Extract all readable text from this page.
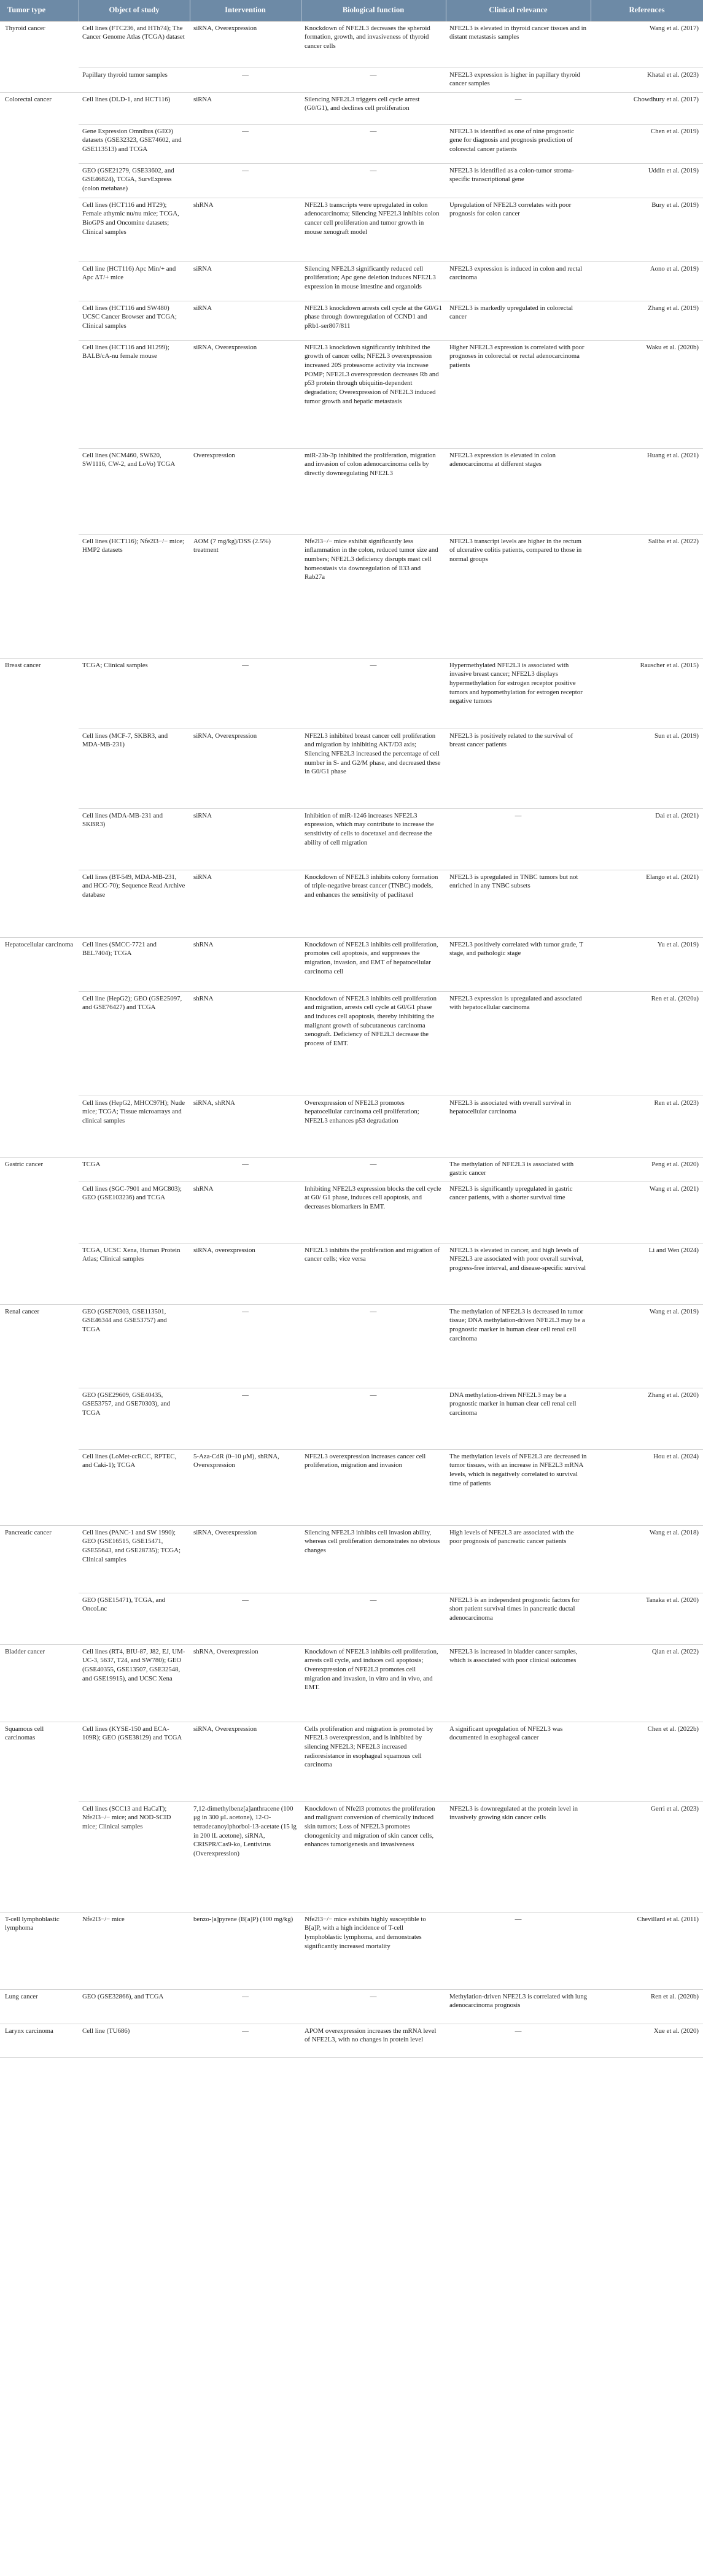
Tumor type	Object of study	Intervention	Biological function	Clinical relevance	References
Thyroid cancer	Cell lines (FTC236, and HTh74); The Cancer Genome Atlas (TCGA) dataset	siRNA, Overexpression	Knockdown of NFE2L3 decreases the spheroid formation, growth, and invasiveness of thyroid cancer cells	NFE2L3 is elevated in thyroid cancer tissues and in distant metastasis samples	Wang et al. (2017)
	Papillary thyroid tumor samples	—	—	NFE2L3 expression is higher in papillary thyroid cancer samples	Khatal et al. (2023)
Colorectal cancer	Cell lines (DLD-1, and HCT116)	siRNA	Silencing NFE2L3 triggers cell cycle arrest (G0/G1), and declines cell proliferation	—	Chowdhury et al. (2017)
	Gene Expression Omnibus (GEO) datasets (GSE32323, GSE74602, and GSE113513) and TCGA	—	—	NFE2L3 is identified as one of nine prognostic gene for diagnosis and prognosis prediction of colorectal cancer patients	Chen et al. (2019)
	GEO (GSE21279, GSE33602, and GSE46824), TCGA, SurvExpress (colon metabase)	—	—	NFE2L3 is identified as a colon-tumor stroma-specific transcriptional gene	Uddin et al. (2019)
	Cell lines (HCT116 and HT29); Female athymic nu/nu mice; TCGA, BioGPS and Oncomine datasets; Clinical samples	shRNA	NFE2L3 transcripts were upregulated in colon adenocarcinoma; Silencing NFE2L3 inhibits colon cancer cell proliferation and tumor growth in mouse xenograft model	Upregulation of NFE2L3 correlates with poor prognosis for colon cancer	Bury et al. (2019)
	Cell line (HCT116) Apc Min/+ and Apc ΔT/+ mice	siRNA	Silencing NFE2L3 significantly reduced cell proliferation; Apc gene deletion induces NFE2L3 expression in mouse intestine and organoids	NFE2L3 expression is induced in colon and rectal carcinoma	Aono et al. (2019)
	Cell lines (HCT116 and SW480) UCSC Cancer Browser and TCGA; Clinical samples	siRNA	NFE2L3 knockdown arrests cell cycle at the G0/G1 phase through downregulation of CCND1 and pRb1-ser807/811	NFE2L3 is markedly upregulated in colorectal cancer	Zhang et al. (2019)
	Cell lines (HCT116 and H1299); BALB/cA-nu female mouse	siRNA, Overexpression	NFE2L3 knockdown significantly inhibited the growth of cancer cells; NFE2L3 overexpression increased 20S proteasome activity via increase POMP; NFE2L3 overexpression decreases Rb and p53 protein through ubiquitin-dependent degradation; Overexpression of NFE2L3 induced tumor growth and hepatic metastasis	Higher NFE2L3 expression is correlated with poor prognoses in colorectal or rectal adenocarcinoma patients	Waku et al. (2020b)
	Cell lines (NCM460, SW620, SW1116, CW-2, and LoVo) TCGA	Overexpression	miR-23b-3p inhibited the proliferation, migration and invasion of colon adenocarcinoma cells by directly downregulating NFE2L3	NFE2L3 expression is elevated in colon adenocarcinoma at different stages	Huang et al. (2021)
	Cell lines (HCT116); Nfe2l3−/− mice; HMP2 datasets	AOM (7 mg/kg)/DSS (2.5%) treatment	Nfe2l3−/− mice exhibit significantly less inflammation in the colon, reduced tumor size and numbers; NFE2L3 deficiency disrupts mast cell homeostasis via downregulation of Il33 and Rab27a	NFE2L3 transcript levels are higher in the rectum of ulcerative colitis patients, compared to those in normal groups	Saliba et al. (2022)
Breast cancer	TCGA; Clinical samples	—	—	Hypermethylated NFE2L3 is associated with invasive breast cancer; NFE2L3 displays hypermethylation for estrogen receptor positive tumors and hypomethylation for estrogen receptor negative tumors	Rauscher et al. (2015)
	Cell lines (MCF-7, SKBR3, and MDA-MB-231)	siRNA, Overexpression	NFE2L3 inhibited breast cancer cell proliferation and migration by inhibiting AKT/D3 axis; Silencing NFE2L3 increased the percentage of cell number in S- and G2/M phase, and decreased these in G0/G1 phase	NFE2L3 is positively related to the survival of breast cancer patients	Sun et al. (2019)
	Cell lines (MDA-MB-231 and SKBR3)	siRNA	Inhibition of miR-1246 increases NFE2L3 expression, which may contribute to increase the sensitivity of cells to docetaxel and decrease the ability of cell migration	—	Dai et al. (2021)
	Cell lines (BT-549, MDA-MB-231, and HCC-70); Sequence Read Archive database	siRNA	Knockdown of NFE2L3 inhibits colony formation of triple-negative breast cancer (TNBC) models, and enhances the sensitivity of paclitaxel	NFE2L3 is upregulated in TNBC tumors but not enriched in any TNBC subsets	Elango et al. (2021)
Hepatocellular carcinoma	Cell lines (SMCC-7721 and BEL7404); TCGA	shRNA	Knockdown of NFE2L3 inhibits cell proliferation, promotes cell apoptosis, and suppresses the migration, invasion, and EMT of hepatocellular carcinoma cell	NFE2L3 positively correlated with tumor grade, T stage, and pathologic stage	Yu et al. (2019)
	Cell line (HepG2); GEO (GSE25097, and GSE76427) and TCGA	shRNA	Knockdown of NFE2L3 inhibits cell proliferation and migration, arrests cell cycle at G0/G1 phase and induces cell apoptosis, thereby inhibiting the malignant growth of subcutaneous carcinoma xenograft. Deficiency of NFE2L3 decrease the process of EMT.	NFE2L3 expression is upregulated and associated with hepatocellular carcinoma	Ren et al. (2020a)
	Cell lines (HepG2, MHCC97H); Nude mice; TCGA; Tissue microarrays and clinical samples	siRNA, shRNA	Overexpression of NFE2L3 promotes hepatocellular carcinoma cell proliferation; NFE2L3 enhances p53 degradation	NFE2L3 is associated with overall survival in hepatocellular carcinoma	Ren et al. (2023)
Gastric cancer	TCGA	—	—	The methylation of NFE2L3 is associated with gastric cancer	Peng et al. (2020)
	Cell lines (SGC-7901 and MGC803); GEO (GSE103236) and TCGA	shRNA	Inhibiting NFE2L3 expression blocks the cell cycle at G0/ G1 phase, induces cell apoptosis, and decreases biomarkers in EMT.	NFE2L3 is significantly upregulated in gastric cancer patients, with a shorter survival time	Wang et al. (2021)
	TCGA, UCSC Xena, Human Protein Atlas; Clinical samples	siRNA, overexpression	NFE2L3 inhibits the proliferation and migration of cancer cells; vice versa	NFE2L3 is elevated in cancer, and high levels of NFE2L3 are associated with poor overall survival, progress-free interval, and disease-specific survival	Li and Wen (2024)
Renal cancer	GEO (GSE70303, GSE113501, GSE46344 and GSE53757) and TCGA	—	—	The methylation of NFE2L3 is decreased in tumor tissue; DNA methylation-driven NFE2L3 may be a prognostic marker in human clear cell renal cell carcinoma	Wang et al. (2019)
	GEO (GSE29609, GSE40435, GSE53757, and GSE70303), and TCGA	—	—	DNA methylation-driven NFE2L3 may be a prognostic marker in human clear cell renal cell carcinoma	Zhang et al. (2020)
	Cell lines (LoMet-ccRCC, RPTEC, and Caki-1); TCGA	5-Aza-CdR (0–10 μM), shRNA, Overexpression	NFE2L3 overexpression increases cancer cell proliferation, migration and invasion	The methylation levels of NFE2L3 are decreased in tumor tissues, with an increase in NFE2L3 mRNA levels, which is negatively correlated to survival time of patients	Hou et al. (2024)
Pancreatic cancer	Cell lines (PANC-1 and SW 1990); GEO (GSE16515, GSE15471, GSE55643, and GSE28735); TCGA; Clinical samples	siRNA, Overexpression	Silencing NFE2L3 inhibits cell invasion ability, whereas cell proliferation demonstrates no obvious changes	High levels of NFE2L3 are associated with the poor prognosis of pancreatic cancer patients	Wang et al. (2018)
	GEO (GSE15471), TCGA, and OncoLnc	—	—	NFE2L3 is an independent prognostic factors for short patient survival times in pancreatic ductal adenocarcinoma	Tanaka et al. (2020)
Bladder cancer	Cell lines (RT4, BIU-87, J82, EJ, UM-UC-3, 5637, T24, and SW780); GEO (GSE40355, GSE13507, GSE32548, and GSE19915), and UCSC Xena	shRNA, Overexpression	Knockdown of NFE2L3 inhibits cell proliferation, arrests cell cycle, and induces cell apoptosis; Overexpression of NFE2L3 promotes cell migration and invasion, in vitro and in vivo, and EMT.	NFE2L3 is increased in bladder cancer samples, which is associated with poor clinical outcomes	Qian et al. (2022)
Squamous cell carcinomas	Cell lines (KYSE-150 and ECA-109R); GEO (GSE38129) and TCGA	siRNA, Overexpression	Cells proliferation and migration is promoted by NFE2L3 overexpression, and is inhibited by silencing NFE2L3; NFE2L3 increased radioresistance in esophageal squamous cell carcinoma	A significant upregulation of NFE2L3 was documented in esophageal cancer	Chen et al. (2022b)
	Cell lines (SCC13 and HaCaT); Nfe2l3−/− mice; and NOD-SCID mice; Clinical samples	7,12-dimethylbenz[a]anthracene (100 μg in 300 μL acetone), 12-O-tetradecanoylphorbol-13-acetate (15 lg in 200 lL acetone), siRNA, CRISPR/Cas9-ko, Lentivirus (Overexpression)	Knockdown of Nfe2l3 promotes the proliferation and malignant conversion of chemically induced skin tumors; Loss of NFE2L3 promotes clonogenicity and migration of skin cancer cells, enhances tumorigenesis and invasiveness	NFE2L3 is downregulated at the protein level in invasively growing skin cancer cells	Gerri et al. (2023)
T-cell lymphoblastic lymphoma	Nfe2l3−/− mice	benzo-[a]pyrene (B[a]P) (100 mg/kg)	Nfe2l3−/− mice exhibits highly susceptible to B[a]P, with a high incidence of T-cell lymphoblastic lymphoma, and demonstrates significantly increased mortality	—	Chevillard et al. (2011)
Lung cancer	GEO (GSE32866), and TCGA	—	—	Methylation-driven NFE2L3 is correlated with lung adenocarcinoma prognosis	Ren et al. (2020b)
Larynx carcinoma	Cell line (TU686)	—	APOM overexpression increases the mRNA level of NFE2L3, with no changes in protein level	—	Xue et al. (2020)
